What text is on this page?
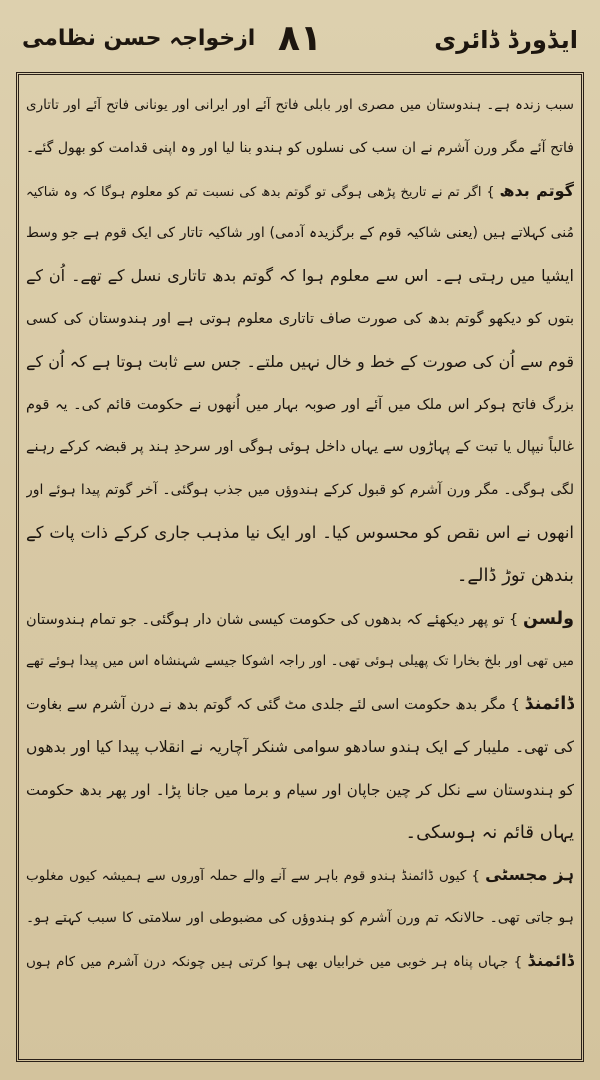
ایڈورڈ ڈائری
٨١
ازخواجہ حسن نظامی
سبب زندہ ہے۔ ہندوستان میں مصری اور بابلی فاتح آئے اور ایرانی اور یونانی فاتح آئے اور تاتاری
فاتح آئے مگر ورن آشرم نے ان سب کی نسلوں کو ہندو بنا لیا اور وہ اپنی قدامت کو بھول گئے۔
گوتم بدھ } اگر تم نے تاریخ پڑھی ہوگی تو گوتم بدھ کی نسبت تم کو معلوم ہوگا کہ وہ شاکیہ
مُنی کہلاتے ہیں (یعنی شاکیہ قوم کے برگزیدہ آدمی) اور شاکیہ تاتار کی ایک قوم ہے جو وسط
ایشیا میں رہتی ہے۔ اس سے معلوم ہوا کہ گوتم بدھ تاتاری نسل کے تھے۔ اُن کے
بتوں کو دیکھو گوتم بدھ کی صورت صاف تاتاری معلوم ہوتی ہے اور ہندوستان کی کسی
قوم سے اُن کی صورت کے خط و خال نہیں ملتے۔ جس سے ثابت ہوتا ہے کہ اُن کے
بزرگ فاتح ہوکر اس ملک میں آئے اور صوبہ بہار میں اُنھوں نے حکومت قائم کی۔ یہ قوم
غالباً نیپال یا تبت کے پہاڑوں سے یہاں داخل ہوئی ہوگی اور سرحدِ ہند پر قبضہ کرکے رہنے
لگی ہوگی۔ مگر ورن آشرم کو قبول کرکے ہندوؤں میں جذب ہوگئی۔ آخر گوتم پیدا ہوئے اور
انھوں نے اس نقص کو محسوس کیا۔ اور ایک نیا مذہب جاری کرکے ذات پات کے
بندھن توڑ ڈالے۔
ولسن } تو پھر دیکھئے کہ بدھوں کی حکومت کیسی شان دار ہوگئی۔ جو تمام ہندوستان
میں تھی اور بلخ بخارا تک پھیلی ہوئی تھی۔ اور راجہ اشوکا جیسے شہنشاہ اس میں پیدا ہوئے تھے
ڈائمنڈ } مگر بدھ حکومت اسی لئے جلدی مٹ گئی کہ گوتم بدھ نے درن آشرم سے بغاوت
کی تھی۔ ملیبار کے ایک ہندو سادھو سوامی شنکر آچاریہ نے انقلاب پیدا کیا اور بدھوں
کو ہندوستان سے نکل کر چین جاپان اور سیام و برما میں جانا پڑا۔ اور پھر بدھ حکومت
یہاں قائم نہ ہوسکی۔
ہز مجسٹی } کیوں ڈائمنڈ ہندو قوم باہر سے آنے والے حملہ آوروں سے ہمیشہ کیوں مغلوب
ہو جاتی تھی۔ حالانکہ تم ورن آشرم کو ہندوؤں کی مضبوطی اور سلامتی کا سبب کہتے ہو۔
ڈائمنڈ } جہاں پناہ ہر خوبی میں خرابیاں بھی ہوا کرتی ہیں چونکہ درن آشرم میں کام ہوں
